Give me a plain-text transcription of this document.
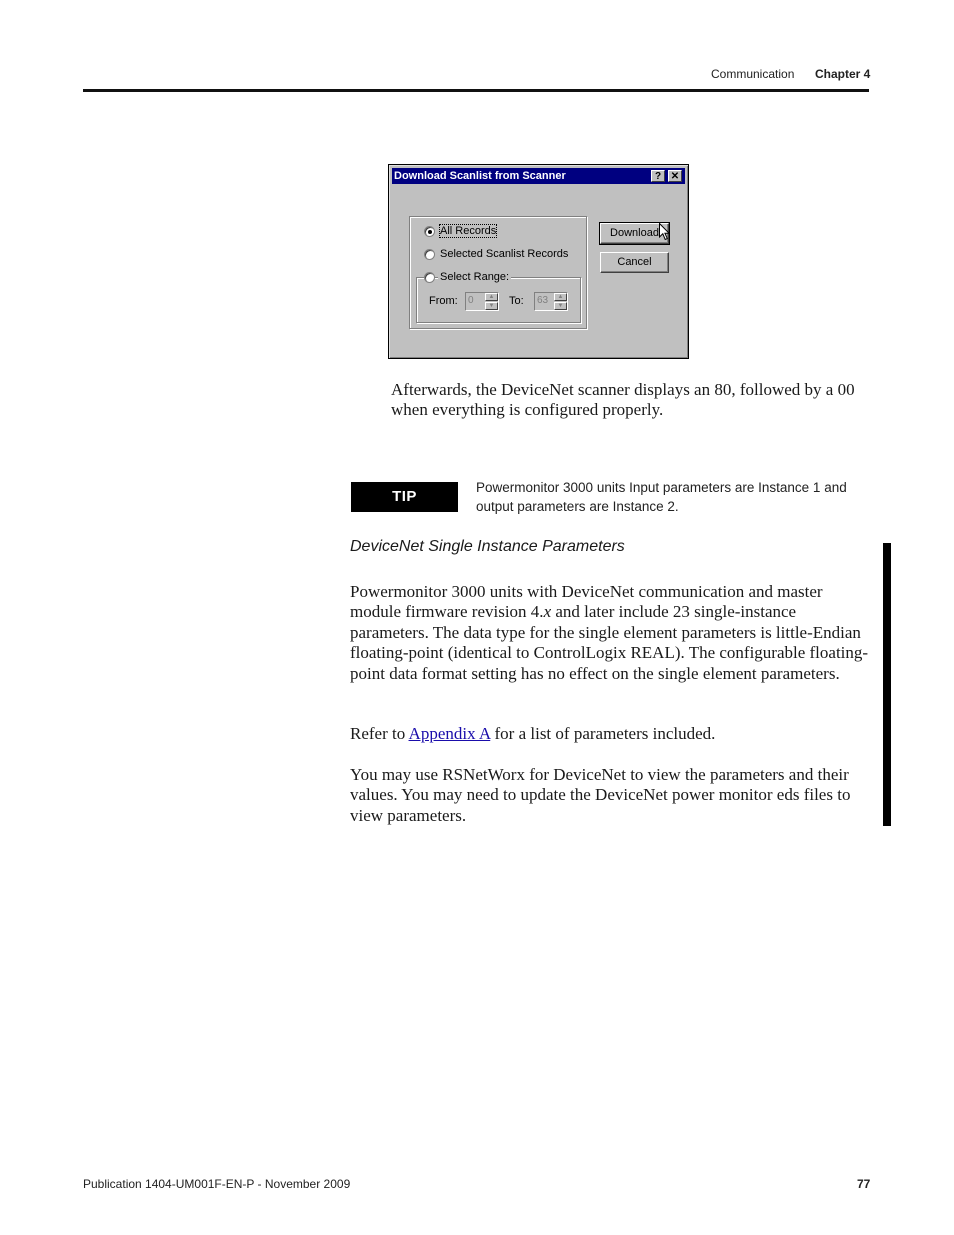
Communication Chapter 4
Download Scanlist from Scanner	? ✕
All Records
Selected Scanlist Records
Select Range:
From: 0	▲
▼	To: 63	▲
▼
Download
Cancel
Afterwards, the DeviceNet scanner displays an 80, followed by a 00 when everything is configured properly.
TIP
Powermonitor 3000 units Input parameters are Instance 1 and output parameters are Instance 2.
DeviceNet Single Instance Parameters
Powermonitor 3000 units with DeviceNet communication and master module firmware revision 4.x and later include 23 single-instance parameters. The data type for the single element parameters is little-Endian floating-point (identical to ControlLogix REAL). The configurable floating-point data format setting has no effect on the single element parameters.
Refer to Appendix A for a list of parameters included.
You may use RSNetWorx for DeviceNet to view the parameters and their values. You may need to update the DeviceNet power monitor eds files to view parameters.
Publication 1404-UM001F-EN-P - November 2009	77
